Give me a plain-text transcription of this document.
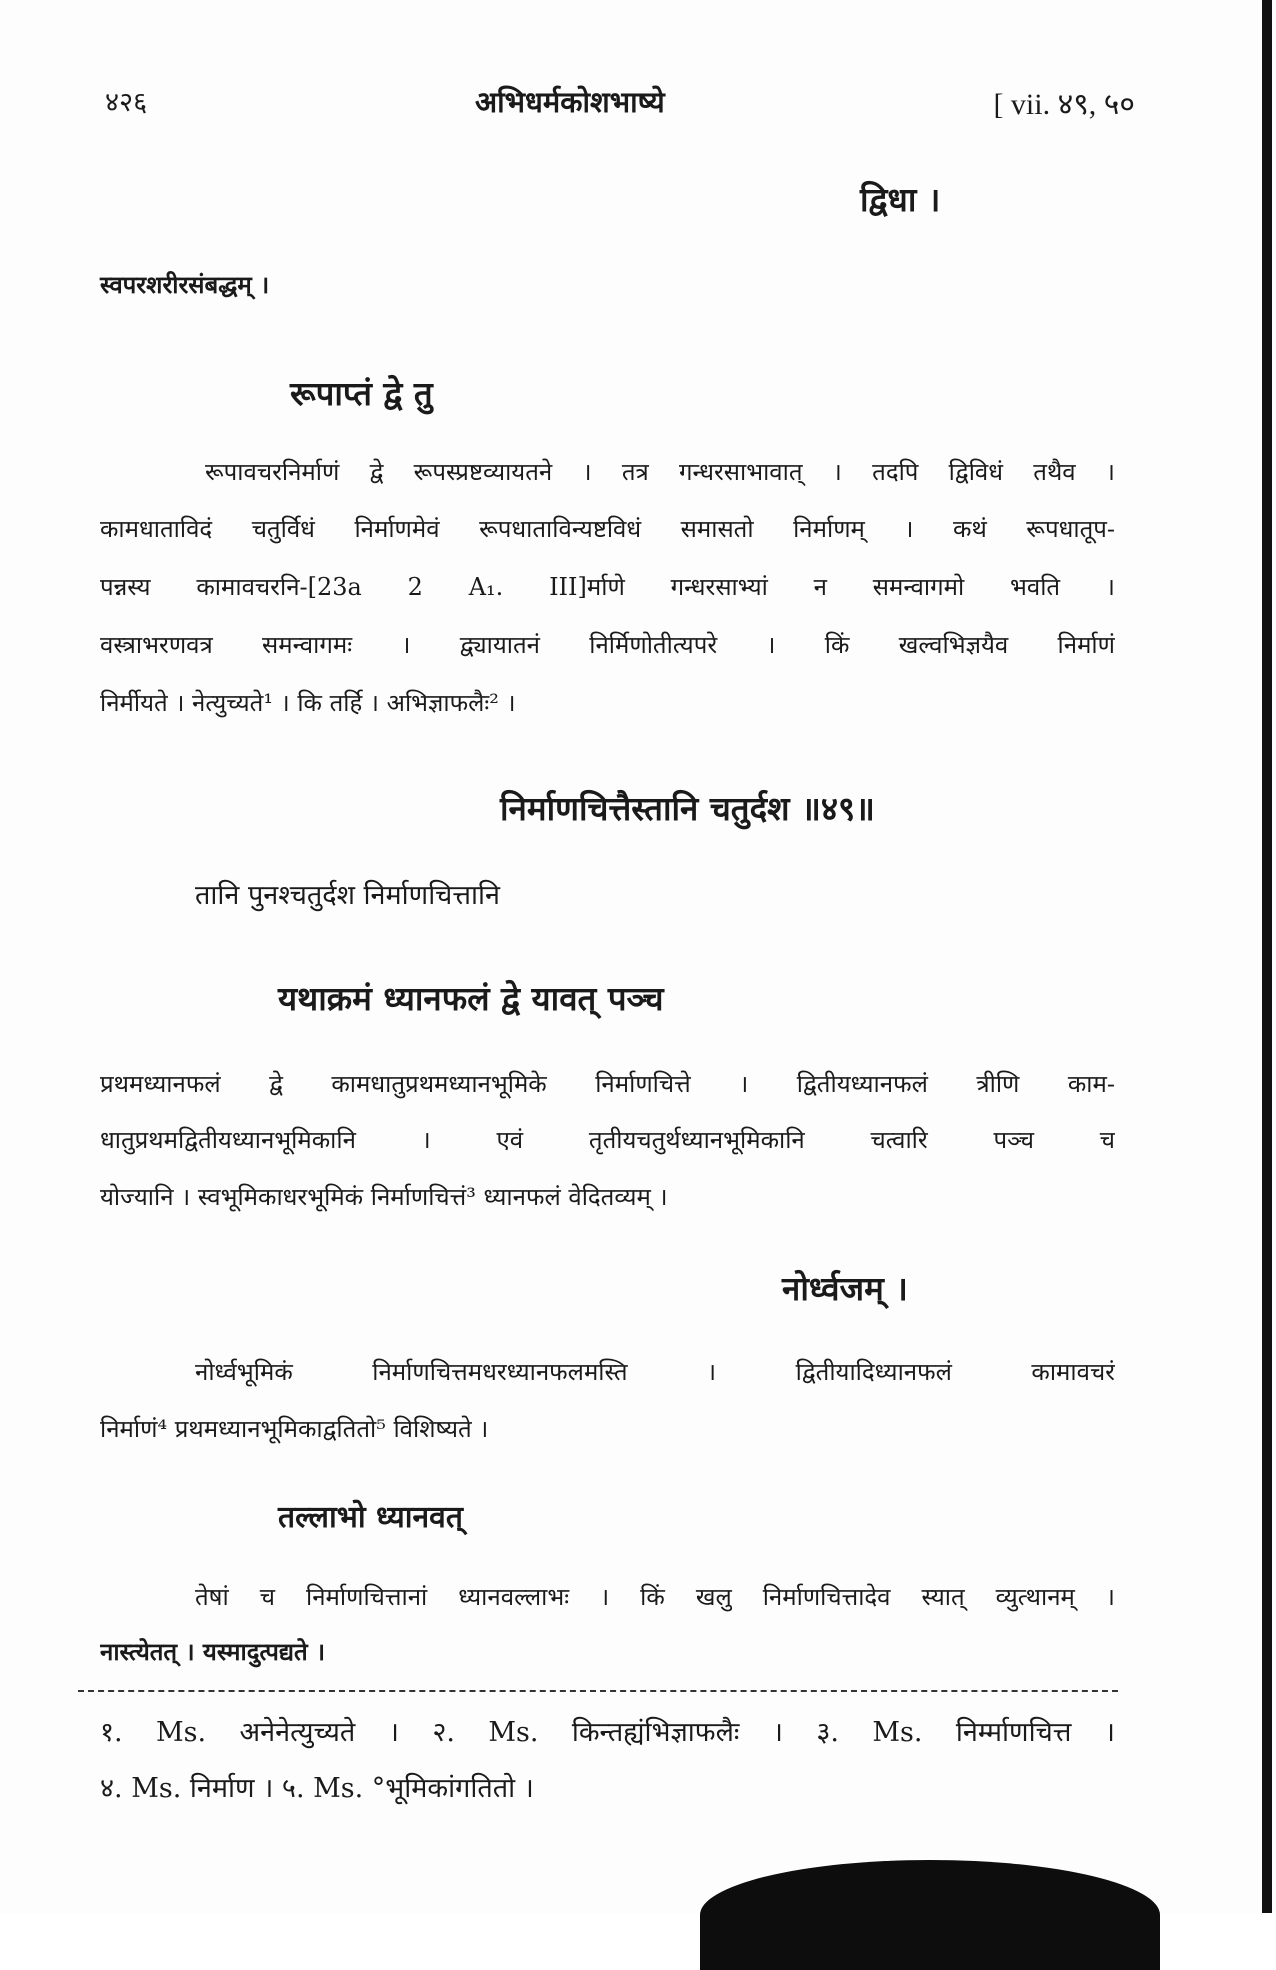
४२६	अभिधर्मकोशभाष्ये	[ vii. ४९, ५०
द्विधा ।
स्वपरशरीरसंबद्धम् ।
रूपाप्तं द्वे तु
रूपावचरनिर्माणं द्वे रूपस्प्रष्टव्यायतने । तत्र गन्धरसाभावात् । तदपि द्विविधं तथैव ।
कामधाताविदं चतुर्विधं निर्माणमेवं रूपधाताविन्यष्टविधं समासतो निर्माणम् । कथं रूपधातूप-
पन्नस्य कामावचरनि-[23a 2 A₁. III]र्माणे गन्धरसाभ्यां न समन्वागमो भवति ।
वस्त्राभरणवत्र समन्वागमः । द्व्यायातनं निर्मिणोतीत्यपरे । किं खल्वभिज्ञयैव निर्माणं
निर्मीयते । नेत्युच्यते¹ । कि तर्हि । अभिज्ञाफलैः² ।
निर्माणचित्तैस्तानि चतुर्दश ॥४९॥
तानि पुनश्चतुर्दश निर्माणचित्तानि
यथाक्रमं ध्यानफलं द्वे यावत् पञ्च
प्रथमध्यानफलं द्वे कामधातुप्रथमध्यानभूमिके निर्माणचित्ते । द्वितीयध्यानफलं त्रीणि काम-
धातुप्रथमद्वितीयध्यानभूमिकानि । एवं तृतीयचतुर्थध्यानभूमिकानि चत्वारि पञ्च च
योज्यानि । स्वभूमिकाधरभूमिकं निर्माणचित्तं³ ध्यानफलं वेदितव्यम् ।
नोर्ध्वजम् ।
नोर्ध्वभूमिकं निर्माणचित्तमधरध्यानफलमस्ति । द्वितीयादिध्यानफलं कामावचरं
निर्माणं⁴ प्रथमध्यानभूमिकाद्वतितो⁵ विशिष्यते ।
तल्लाभो ध्यानवत्
तेषां च निर्माणचित्तानां ध्यानवल्लाभः । किं खलु निर्माणचित्तादेव स्यात् व्युत्थानम् ।
नास्त्येतत् । यस्मादुत्पद्यते ।
१. Ms. अनेनेत्युच्यते । २. Ms. किन्तह्यंभिज्ञाफलैः । ३. Ms. निर्म्माणचित्त ।
४. Ms. निर्माण । ५. Ms. °भूमिकांगतितो ।
